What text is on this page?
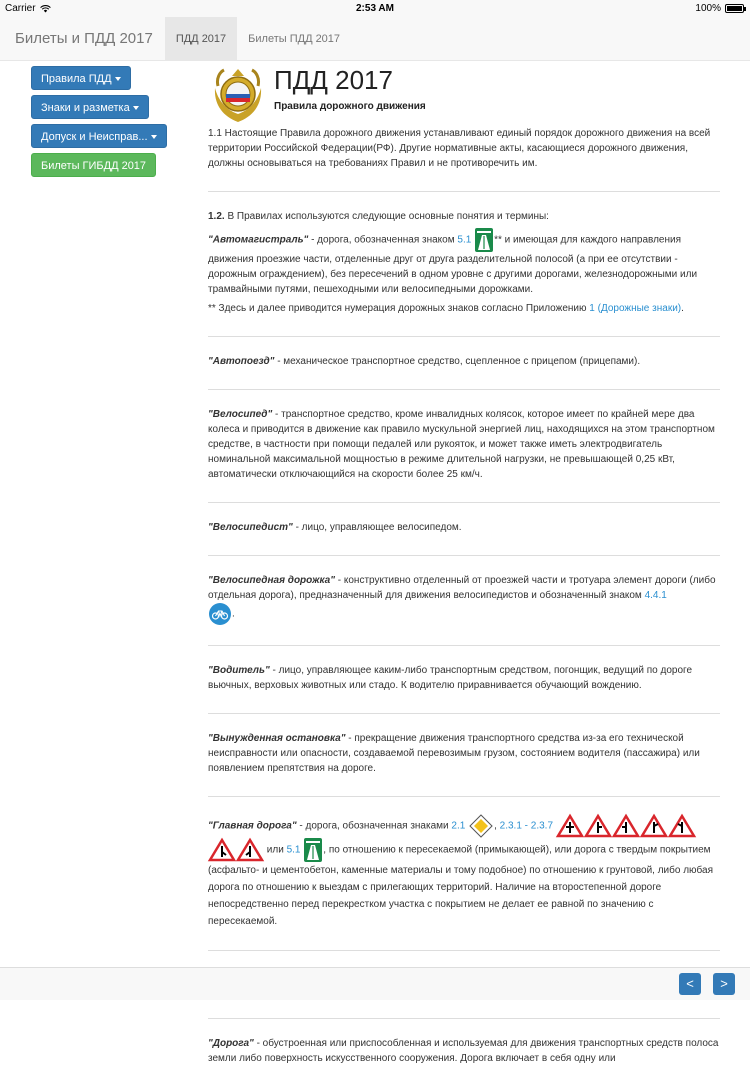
Carrier	2:53 AM	100%
Билеты и ПДД 2017	ПДД 2017	Билеты ПДД 2017
Правила ПДД
Знаки и разметка
Допуск и Неисправ...
Билеты ГИБДД 2017
ПДД 2017
Правила дорожного движения

1.1 Настоящие Правила дорожного движения устанавливают единый порядок дорожного движения на всей территории Российской Федерации(РФ). Другие нормативные акты, касающиеся дорожного движения, должны основываться на требованиях Правил и не противоречить им.

1.2. В Правилах используются следующие основные понятия и термины:

"Автомагистраль" - дорога, обозначенная знаком 5.1 ** и имеющая для каждого направления движения проезжие части, отделенные друг от друга разделительной полосой (а при ее отсутствии - дорожным ограждением), без пересечений в одном уровне с другими дорогами, железнодорожными или трамвайными путями, пешеходными или велосипедными дорожками.

** Здесь и далее приводится нумерация дорожных знаков согласно Приложению 1 (Дорожные знаки).

"Автопоезд" - механическое транспортное средство, сцепленное с прицепом (прицепами).

"Велосипед" - транспортное средство, кроме инвалидных колясок, которое имеет по крайней мере два колеса и приводится в движение как правило мускульной энергией лиц, находящихся на этом транспортном средстве, в частности при помощи педалей или рукояток, и может также иметь электродвигатель номинальной максимальной мощностью в режиме длительной нагрузки, не превышающей 0,25 кВт, автоматически отключающийся на скорости более 25 км/ч.

"Велосипедист" - лицо, управляющее велосипедом.

"Велосипедная дорожка" - конструктивно отделенный от проезжей части и тротуара элемент дороги (либо отдельная дорога), предназначенный для движения велосипедистов и обозначенный знаком 4.4.1
.

"Водитель" - лицо, управляющее каким-либо транспортным средством, погонщик, ведущий по дороге вьючных, верховых животных или стадо. К водителю приравнивается обучающий вождению.

"Вынужденная остановка" - прекращение движения транспортного средства из-за его технической неисправности или опасности, создаваемой перевозимым грузом, состоянием водителя (пассажира) или появлением препятствия на дороге.

"Главная дорога" - дорога, обозначенная знаками 2.1	, 2.3.1 - 2.3.7
или 5.1 , по отношению к пересекаемой (примыкающей), или дорога с твердым покрытием (асфальто- и цементобетон, каменные материалы и тому подобное) по отношению к грунтовой, либо любая дорога по отношению к выездам с прилегающих территорий. Наличие на второстепенной дороге непосредственно перед перекрестком участка с покрытием не делает ее равной по значению с пересекаемой.

"Дорога" - обустроенная или приспособленная и используемая для движения транспортных средств полоса земли либо поверхность искусственного сооружения. Дорога включает в себя одну или

<	>
